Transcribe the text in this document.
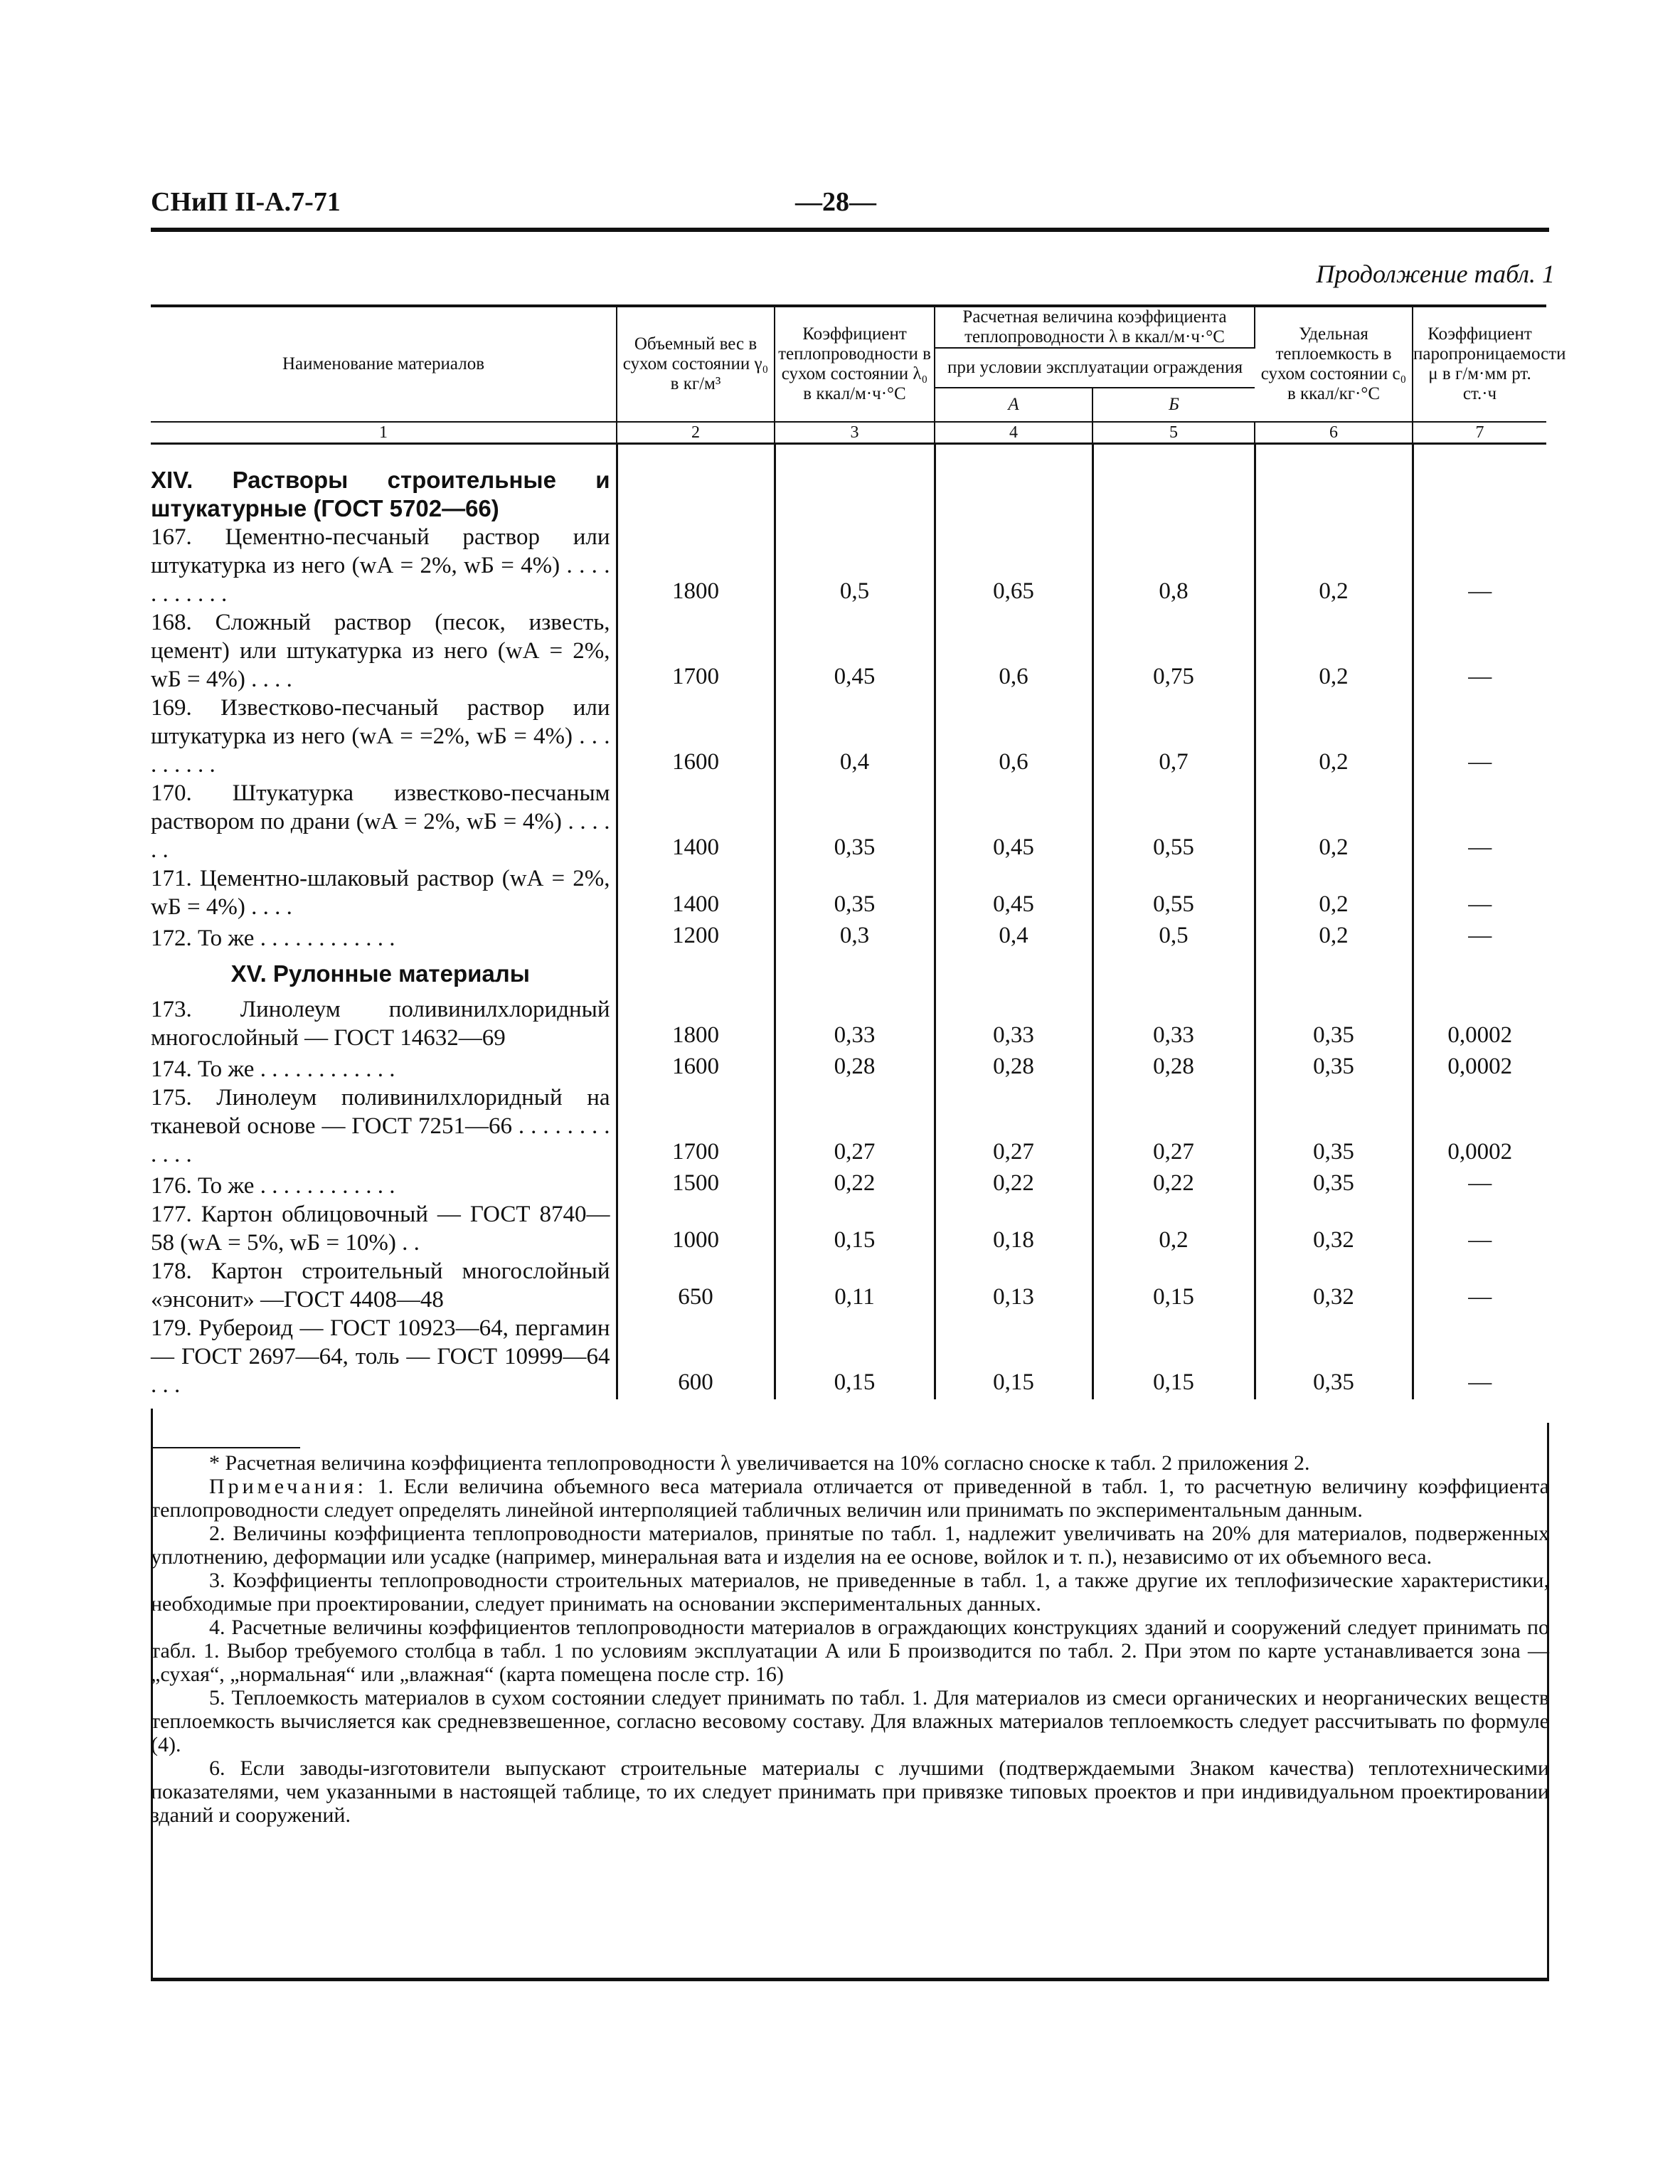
СНиП II-А.7-71	—28—
Продолжение табл. 1
Наименование материалов	Объемный вес в сухом состоянии γ₀ в кг/м³	Коэффициент теплопроводности в сухом состоянии λ₀ в ккал/м·ч·°С	Расчетная величина коэффициента теплопроводности λ в ккал/м·ч·°С		Удельная теплоемкость в сухом состоянии с₀ в ккал/кг·°С	Коэффициент паропроницаемости μ в г/м·мм рт. ст.·ч
			при условии эксплуатации ограждения			
			А	Б		
1	2	3	4	5	6	7
XIV. Растворы строительные и штукатурные (ГОСТ 5702—66)						
167. Цементно-песчаный раствор или штукатурка из него (wА = 2%, wБ = 4%) . . . . . . . . . . .	1800	0,5	0,65	0,8	0,2	—
168. Сложный раствор (песок, известь, цемент) или штукатурка из него (wА = 2%, wБ = 4%) . . . .	1700	0,45	0,6	0,75	0,2	—
169. Известково-песчаный раствор или штукатурка из него (wА = =2%, wБ = 4%) . . . . . . . . .	1600	0,4	0,6	0,7	0,2	—
170. Штукатурка известково-песчаным раствором по драни (wА = 2%, wБ = 4%) . . . . . .	1400	0,35	0,45	0,55	0,2	—
171. Цементно-шлаковый раствор (wА = 2%, wБ = 4%) . . . .	1400	0,35	0,45	0,55	0,2	—
172. То же . . . . . . . . . . . .	1200	0,3	0,4	0,5	0,2	—
XV. Рулонные материалы						
173. Линолеум поливинилхлоридный многослойный — ГОСТ 14632—69	1800	0,33	0,33	0,33	0,35	0,0002
174. То же . . . . . . . . . . . .	1600	0,28	0,28	0,28	0,35	0,0002
175. Линолеум поливинилхлоридный на тканевой основе — ГОСТ 7251—66 . . . . . . . . . . . .	1700	0,27	0,27	0,27	0,35	0,0002
176. То же . . . . . . . . . . . .	1500	0,22	0,22	0,22	0,35	—
177. Картон облицовочный — ГОСТ 8740—58 (wА = 5%, wБ = 10%) . .	1000	0,15	0,18	0,2	0,32	—
178. Картон строительный многослойный «энсонит» —ГОСТ 4408—48	650	0,11	0,13	0,15	0,32	—
179. Рубероид — ГОСТ 10923—64, пергамин — ГОСТ 2697—64, толь — ГОСТ 10999—64 . . .	600	0,15	0,15	0,15	0,35	—

* Расчетная величина коэффициента теплопроводности λ увеличивается на 10% согласно сноске к табл. 2 приложения 2.

Примечания: 1. Если величина объемного веса материала отличается от приведенной в табл. 1, то расчетную величину коэффициента теплопроводности следует определять линейной интерполяцией табличных величин или принимать по экспериментальным данным.

2. Величины коэффициента теплопроводности материалов, принятые по табл. 1, надлежит увеличивать на 20% для материалов, подверженных уплотнению, деформации или усадке (например, минеральная вата и изделия на ее основе, войлок и т. п.), независимо от их объемного веса.

3. Коэффициенты теплопроводности строительных материалов, не приведенные в табл. 1, а также другие их теплофизические характеристики, необходимые при проектировании, следует принимать на основании экспериментальных данных.

4. Расчетные величины коэффициентов теплопроводности материалов в ограждающих конструкциях зданий и сооружений следует принимать по табл. 1. Выбор требуемого столбца в табл. 1 по условиям эксплуатации А или Б производится по табл. 2. При этом по карте устанавливается зона — „сухая“, „нормальная“ или „влажная“ (карта помещена после стр. 16)

5. Теплоемкость материалов в сухом состоянии следует принимать по табл. 1. Для материалов из смеси органических и неорганических веществ теплоемкость вычисляется как средневзвешенное, согласно весовому составу. Для влажных материалов теплоемкость следует рассчитывать по формуле (4).

6. Если заводы-изготовители выпускают строительные материалы с лучшими (подтверждаемыми Знаком качества) теплотехническими показателями, чем указанными в настоящей таблице, то их следует принимать при привязке типовых проектов и при индивидуальном проектировании зданий и сооружений.
